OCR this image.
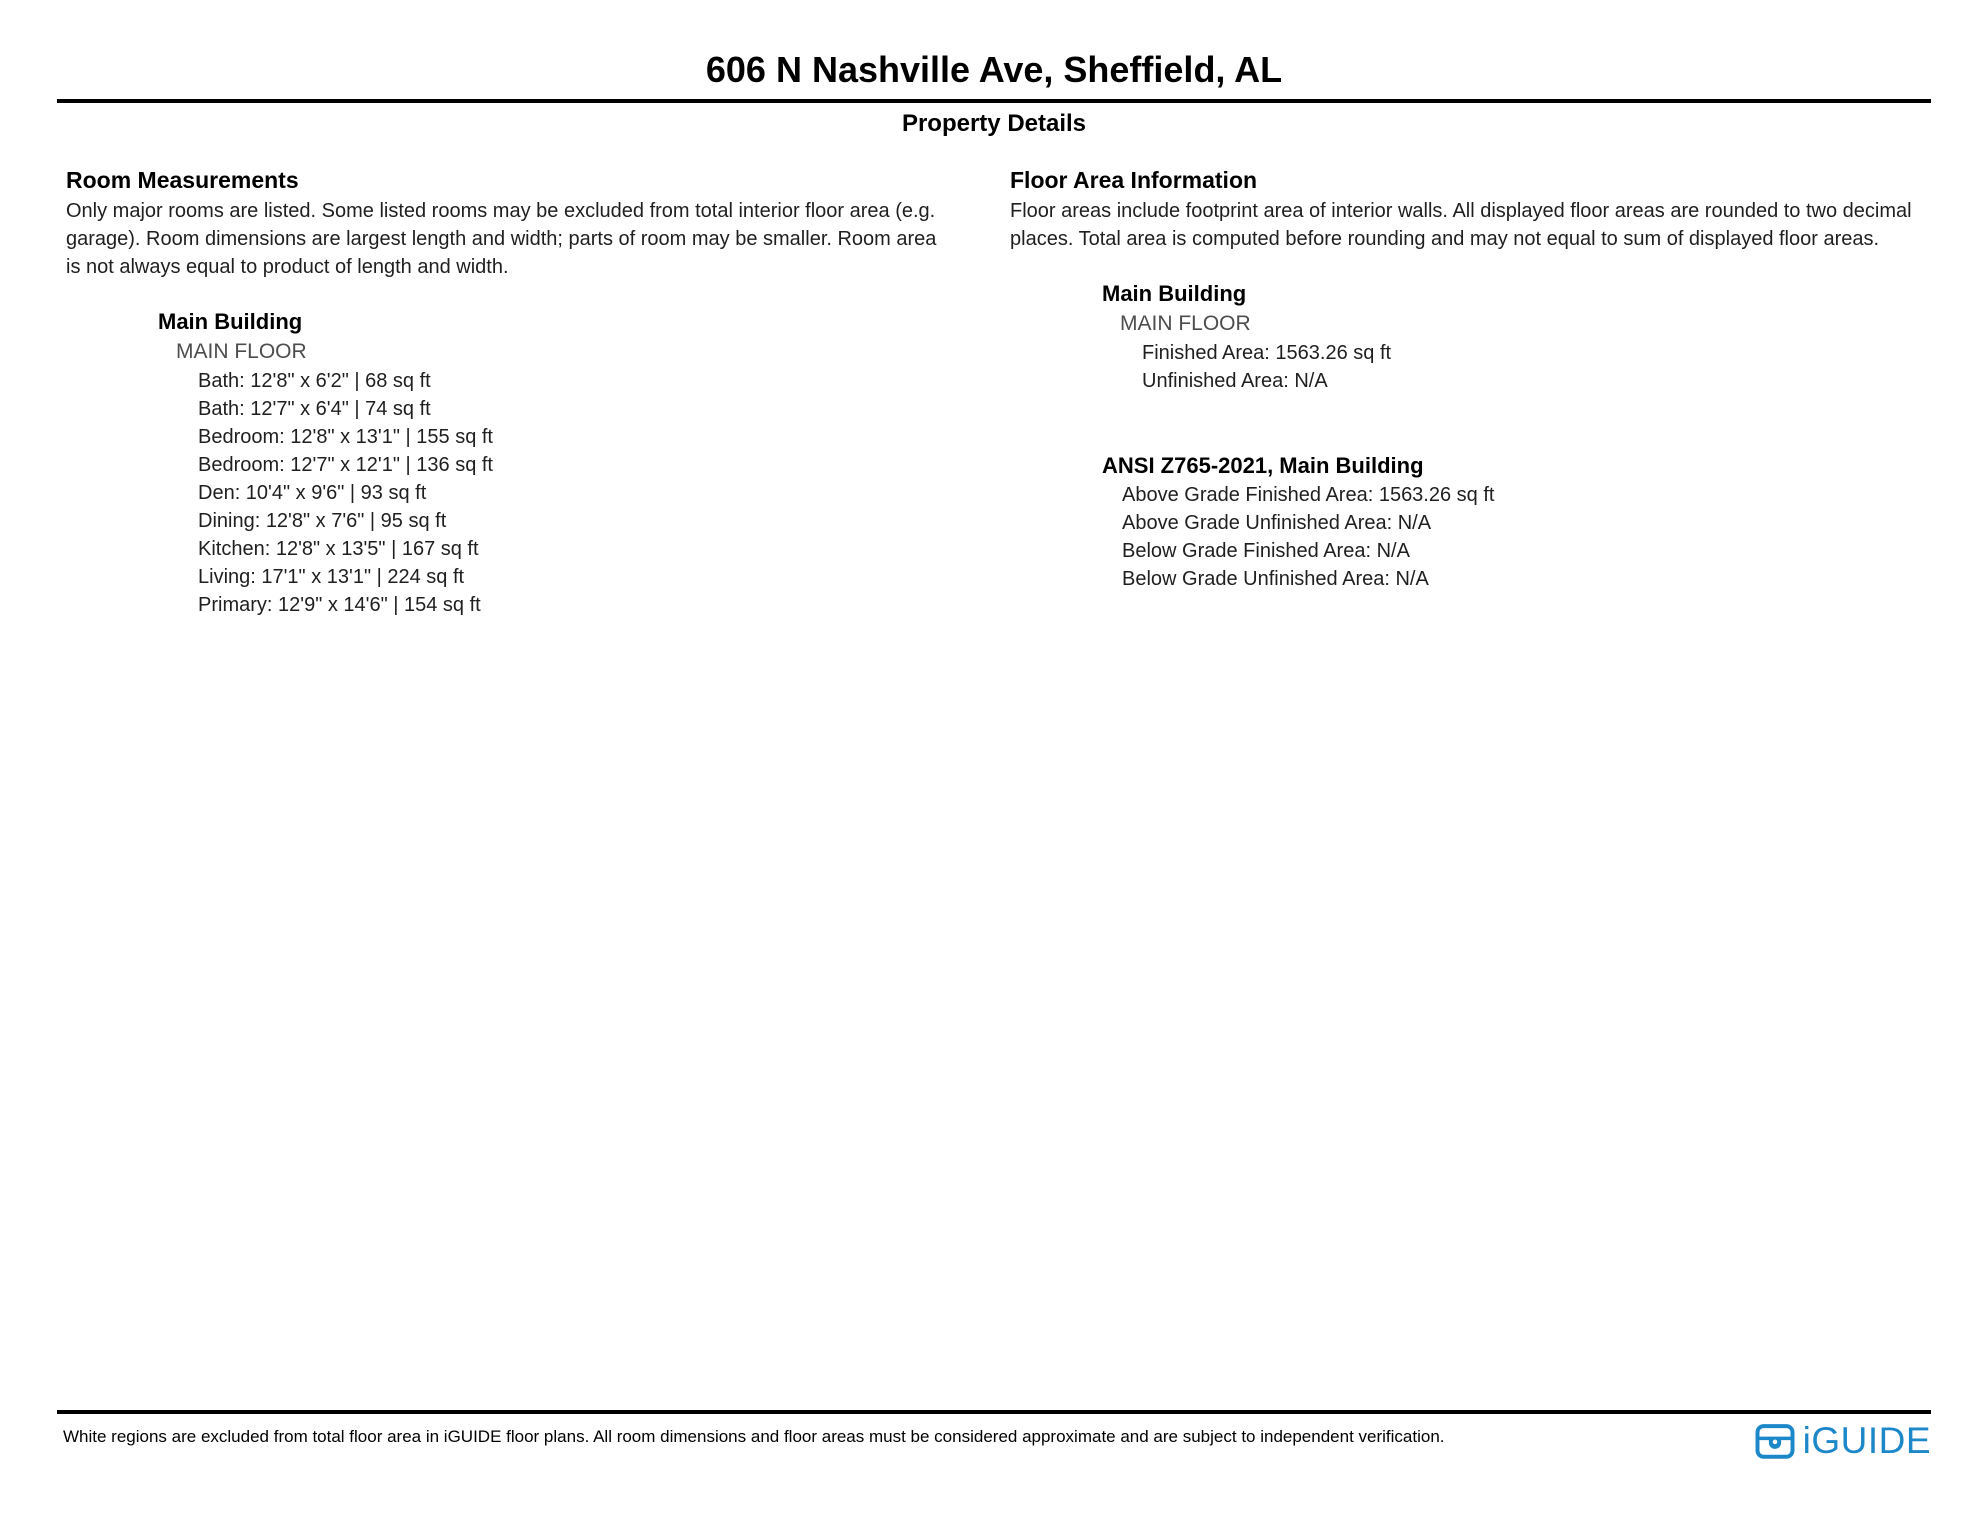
606 N Nashville Ave, Sheffield, AL
Property Details
Room Measurements
Only major rooms are listed. Some listed rooms may be excluded from total interior floor area (e.g. garage). Room dimensions are largest length and width; parts of room may be smaller. Room area is not always equal to product of length and width.
Main Building
MAIN FLOOR
Bath: 12'8" x 6'2" | 68 sq ft
Bath: 12'7" x 6'4" | 74 sq ft
Bedroom: 12'8" x 13'1" | 155 sq ft
Bedroom: 12'7" x 12'1" | 136 sq ft
Den: 10'4" x 9'6" | 93 sq ft
Dining: 12'8" x 7'6" | 95 sq ft
Kitchen: 12'8" x 13'5" | 167 sq ft
Living: 17'1" x 13'1" | 224 sq ft
Primary: 12'9" x 14'6" | 154 sq ft
Floor Area Information
Floor areas include footprint area of interior walls. All displayed floor areas are rounded to two decimal places. Total area is computed before rounding and may not equal to sum of displayed floor areas.
Main Building
MAIN FLOOR
Finished Area: 1563.26 sq ft
Unfinished Area: N/A
ANSI Z765-2021, Main Building
Above Grade Finished Area: 1563.26 sq ft
Above Grade Unfinished Area: N/A
Below Grade Finished Area: N/A
Below Grade Unfinished Area: N/A
White regions are excluded from total floor area in iGUIDE floor plans. All room dimensions and floor areas must be considered approximate and are subject to independent verification.	iGUIDE
